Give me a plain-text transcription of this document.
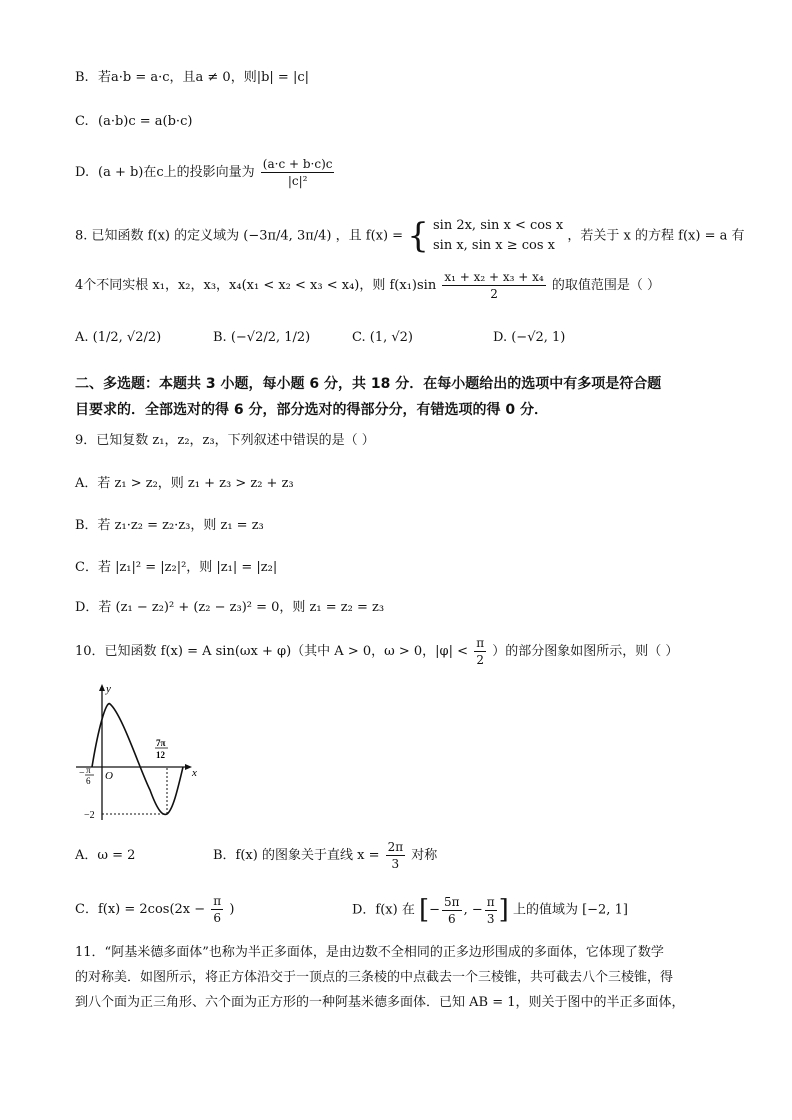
B. 若a·b = a·c，且a ≠ 0，则|b| = |c|
C. (a·b)c = a(b·c)
D. (a + b)在c上的投影向量为 $\frac{(a\cdot c + b\cdot c)c}{\text{|c|²}}$
8. 已知函数 f(x) 的定义域为 (−3π/4, 3π/4) ，且 f(x) = { sin 2x, sin x < cos x
sin x, sin x ≥ cos x
，若关于 x 的方程 f(x) = a 有
4个不同实根 x₁，x₂，x₃，x₄(x₁ < x₂ < x₃ < x₄)，则 $f(x_1)\sin \frac{\text{x₁ + x₂ + x₃ + x₄}}{2}$ 的取值范围是（ ）
A. (1/2, √2/2)	B. (−√2/2, 1/2)	C. (1, √2)	D. (−√2, 1)
二、多选题：本题共 3 小题，每小题 6 分，共 18 分．在每小题给出的选项中有多项是符合题
目要求的．全部选对的得 6 分，部分选对的得部分分，有错选项的得 0 分．
9．已知复数 z₁，z₂，z₃，下列叙述中错误的是（ ）
A．若 z₁ > z₂，则 z₁ + z₃ > z₂ + z₃
B．若 z₁·z₂ = z₂·z₃，则 z₁ = z₃
C．若 |z₁|² = |z₂|²，则 |z₁| = |z₂|
D．若 (z₁ − z₂)² + (z₂ − z₃)² = 0，则 z₁ = z₂ = z₃
10．已知函数 f(x) = A sin(ωx + φ)（其中 A > 0，ω > 0，$|\varphi| < \frac{\pi}{2}$ ）的部分图象如图所示，则（ ）
y
x
O
− π
6
7π
12
−2
A．ω = 2	B．f(x) 的图象关于直线 $x = \frac{2\pi}{3}$ 对称
C．$f(x) = 2\cos(2x - \frac{\pi}{6}$ )	D．f(x) 在 [− $\frac{5\pi}{6}$ , − $\frac{\pi}{3}$ ] 上的值域为 [−2, 1]
11．“阿基米德多面体”也称为半正多面体，是由边数不全相同的正多边形围成的多面体，它体现了数学
的对称美．如图所示，将正方体沿交于一顶点的三条棱的中点截去一个三棱锥，共可截去八个三棱锥，得
到八个面为正三角形、六个面为正方形的一种阿基米德多面体．已知 AB = 1，则关于图中的半正多面体，
